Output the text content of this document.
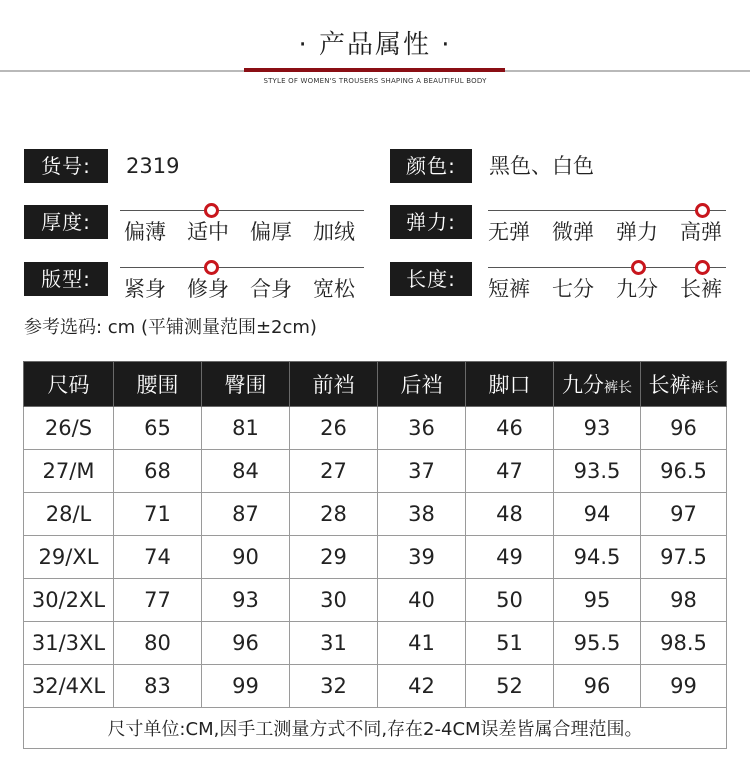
· 产品属性 ·
STYLE OF WOMEN'S TROUSERS SHAPING A BEAUTIFUL BODY
货号:	2319	颜色:	黑色、白色
厚度:	偏薄 适中 偏厚 加绒	弹力:	无弹 微弹 弹力 高弹
版型:	紧身 修身 合身 宽松	长度:	短裤 七分 九分 长裤
参考选码: cm (平铺测量范围±2cm)
尺码	腰围	臀围	前裆	后裆	脚口	九分裤长	长裤裤长
26/S	65	81	26	36	46	93	96
27/M	68	84	27	37	47	93.5	96.5
28/L	71	87	28	38	48	94	97
29/XL	74	90	29	39	49	94.5	97.5
30/2XL	77	93	30	40	50	95	98
31/3XL	80	96	31	41	51	95.5	98.5
32/4XL	83	99	32	42	52	96	99
尺寸单位:CM,因手工测量方式不同,存在2-4CM误差皆属合理范围。							
